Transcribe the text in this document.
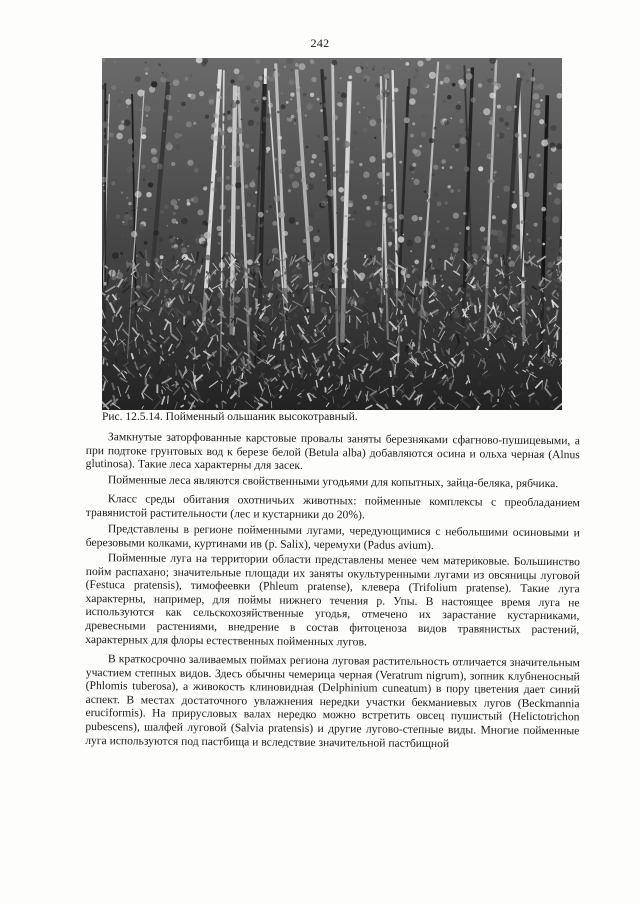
242
Рис. 12.5.14. Пойменный ольшаник высокотравный.

Замкнутые заторфованные карстовые провалы заняты березняками сфагново-пушицевыми, а при подтоке грунтовых вод к березе белой (Betula alba) добавляются осина и ольха черная (Alnus glutinosa). Такие леса характерны для засек.

Пойменные леса являются свойственными угодьями для копытных, зайца-беляка, рябчика.

Класс среды обитания охотничьих животных: пойменные комплексы с преобладанием травянистой растительности (лес и кустарники до 20%).

Представлены в регионе пойменными лугами, чередующимися с небольшими осиновыми и березовыми колками, куртинами ив (р. Salix), черемухи (Padus avium).

Пойменные луга на территории области представлены менее чем материковые. Большинство пойм распахано; значительные площади их заняты окультуренными лугами из овсяницы луговой (Festuca pratensis), тимофеевки (Phleum pratense), клевера (Trifolium pratense). Такие луга характерны, например, для поймы нижнего течения р. Упы. В настоящее время луга не используются как сельскохозяйственные угодья, отмечено их зарастание кустарниками, древесными растениями, внедрение в состав фитоценоза видов травянистых растений, характерных для флоры естественных пойменных лугов.

В краткосрочно заливаемых поймах региона луговая растительность отличается значительным участием степных видов. Здесь обычны чемерица черная (Veratrum nigrum), зопник клубненосный (Phlomis tuberosa), а живокость клиновидная (Delphinium cuneatum) в пору цветения дает синий аспект. В местах достаточного увлажнения нередки участки бекманиевых лугов (Beckmannia eruciformis). На прирусловых валах нередко можно встретить овсец пушистый (Helictotrichon pubescens), шалфей луговой (Salvia pratensis) и другие лугово-степные виды. Многие пойменные луга используются под пастбища и вследствие значительной пастбищной
